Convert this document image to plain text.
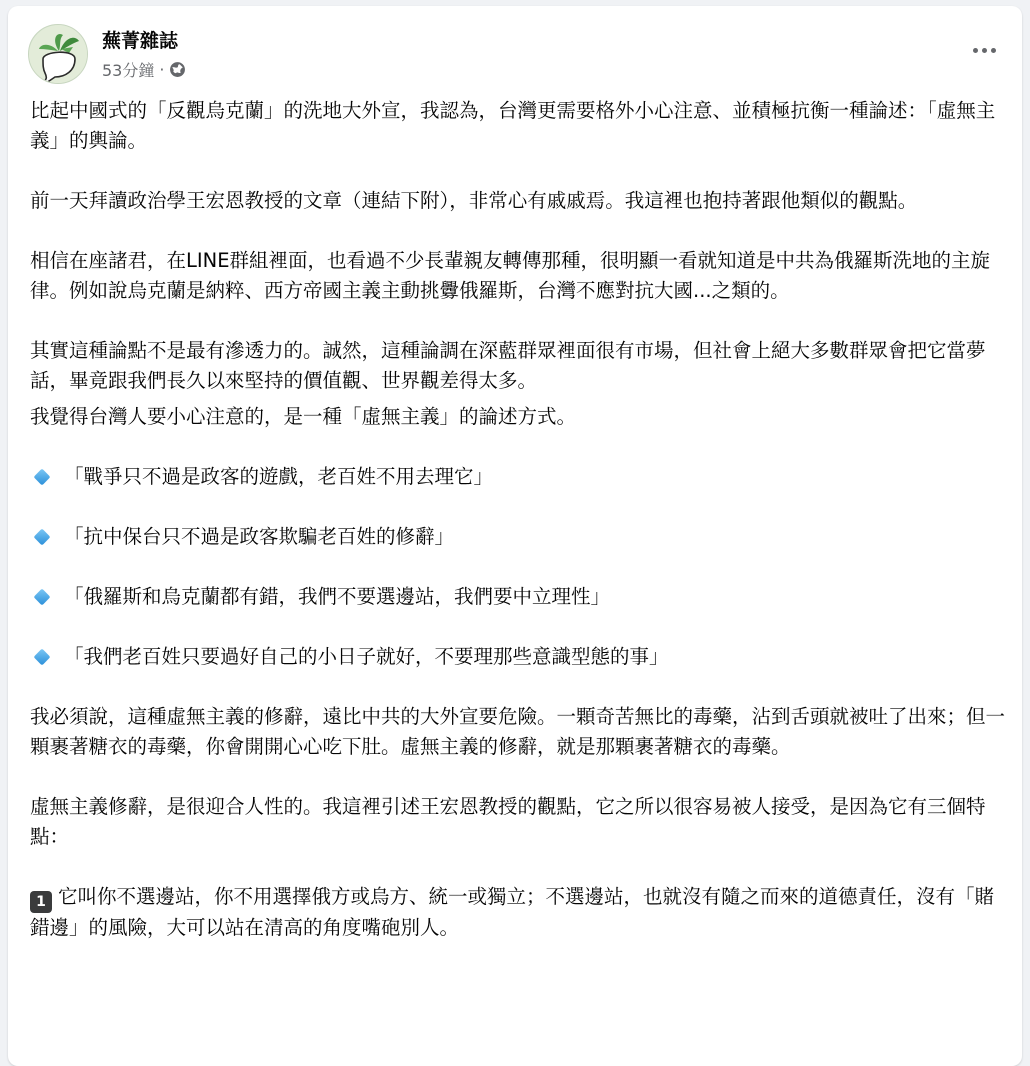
蕪菁雜誌
53分鐘 ·

比起中國式的「反觀烏克蘭」的洗地大外宣，我認為，台灣更需要格外小心注意、並積極抗衡一種論述：「虛無主義」的輿論。

前一天拜讀政治學王宏恩教授的文章（連結下附），非常心有戚戚焉。我這裡也抱持著跟他類似的觀點。

相信在座諸君，在LINE群組裡面，也看過不少長輩親友轉傳那種，很明顯一看就知道是中共為俄羅斯洗地的主旋律。例如說烏克蘭是納粹、西方帝國主義主動挑釁俄羅斯，台灣不應對抗大國...之類的。

其實這種論點不是最有滲透力的。誠然，這種論調在深藍群眾裡面很有市場，但社會上絕大多數群眾會把它當夢話，畢竟跟我們長久以來堅持的價值觀、世界觀差得太多。

我覺得台灣人要小心注意的，是一種「虛無主義」的論述方式。

「戰爭只不過是政客的遊戲，老百姓不用去理它」
「抗中保台只不過是政客欺騙老百姓的修辭」
「俄羅斯和烏克蘭都有錯，我們不要選邊站，我們要中立理性」
「我們老百姓只要過好自己的小日子就好，不要理那些意識型態的事」

我必須說，這種虛無主義的修辭，遠比中共的大外宣要危險。一顆奇苦無比的毒藥，沾到舌頭就被吐了出來；但一顆裹著糖衣的毒藥，你會開開心心吃下肚。虛無主義的修辭，就是那顆裹著糖衣的毒藥。

虛無主義修辭，是很迎合人性的。我這裡引述王宏恩教授的觀點，它之所以很容易被人接受，是因為它有三個特點：

1 它叫你不選邊站，你不用選擇俄方或烏方、統一或獨立；不選邊站，也就沒有隨之而來的道德責任，沒有「賭錯邊」的風險，大可以站在清高的角度嘴砲別人。
